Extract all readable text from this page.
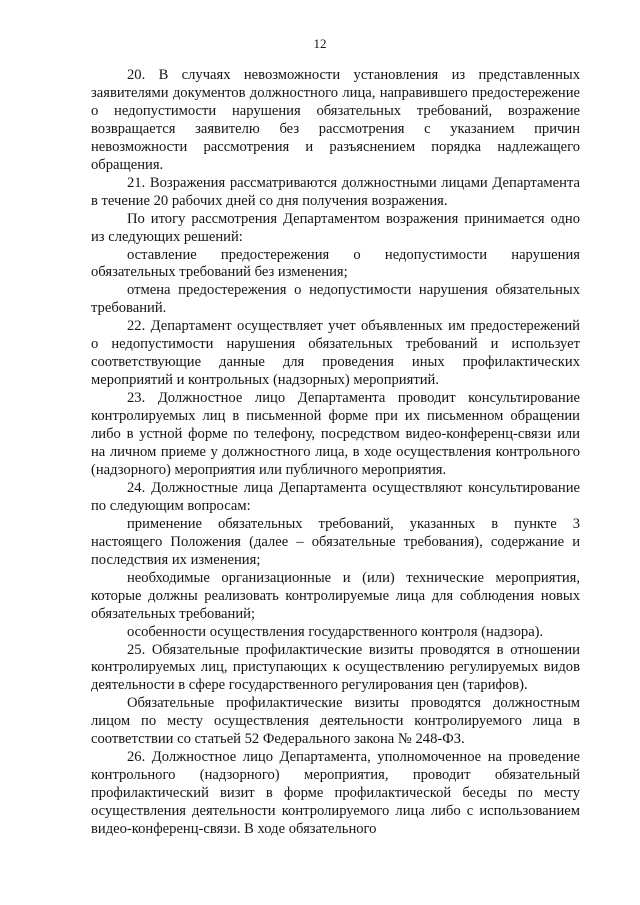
12

20. В случаях невозможности установления из представленных заявителями документов должностного лица, направившего предостережение о недопустимости нарушения обязательных требований, возражение возвращается заявителю без рассмотрения с указанием причин невозможности рассмотрения и разъяснением порядка надлежащего обращения.

21. Возражения рассматриваются должностными лицами Департамента в течение 20 рабочих дней со дня получения возражения.

По итогу рассмотрения Департаментом возражения принимается одно из следующих решений:

оставление предостережения о недопустимости нарушения обязательных требований без изменения;

отмена предостережения о недопустимости нарушения обязательных требований.

22. Департамент осуществляет учет объявленных им предостережений о недопустимости нарушения обязательных требований и использует соответствующие данные для проведения иных профилактических мероприятий и контрольных (надзорных) мероприятий.

23. Должностное лицо Департамента проводит консультирование контролируемых лиц в письменной форме при их письменном обращении либо в устной форме по телефону, посредством видео-конференц-связи или на личном приеме у должностного лица, в ходе осуществления контрольного (надзорного) мероприятия или публичного мероприятия.

24. Должностные лица Департамента осуществляют консультирование по следующим вопросам:

применение обязательных требований, указанных в пункте 3 настоящего Положения (далее – обязательные требования), содержание и последствия их изменения;

необходимые организационные и (или) технические мероприятия, которые должны реализовать контролируемые лица для соблюдения новых обязательных требований;

особенности осуществления государственного контроля (надзора).

25. Обязательные профилактические визиты проводятся в отношении контролируемых лиц, приступающих к осуществлению регулируемых видов деятельности в сфере государственного регулирования цен (тарифов).

Обязательные профилактические визиты проводятся должностным лицом по месту осуществления деятельности контролируемого лица в соответствии со статьей 52 Федерального закона № 248-ФЗ.

26. Должностное лицо Департамента, уполномоченное на проведение контрольного (надзорного) мероприятия, проводит обязательный профилактический визит в форме профилактической беседы по месту осуществления деятельности контролируемого лица либо с использованием видео-конференц-связи. В ходе обязательного
